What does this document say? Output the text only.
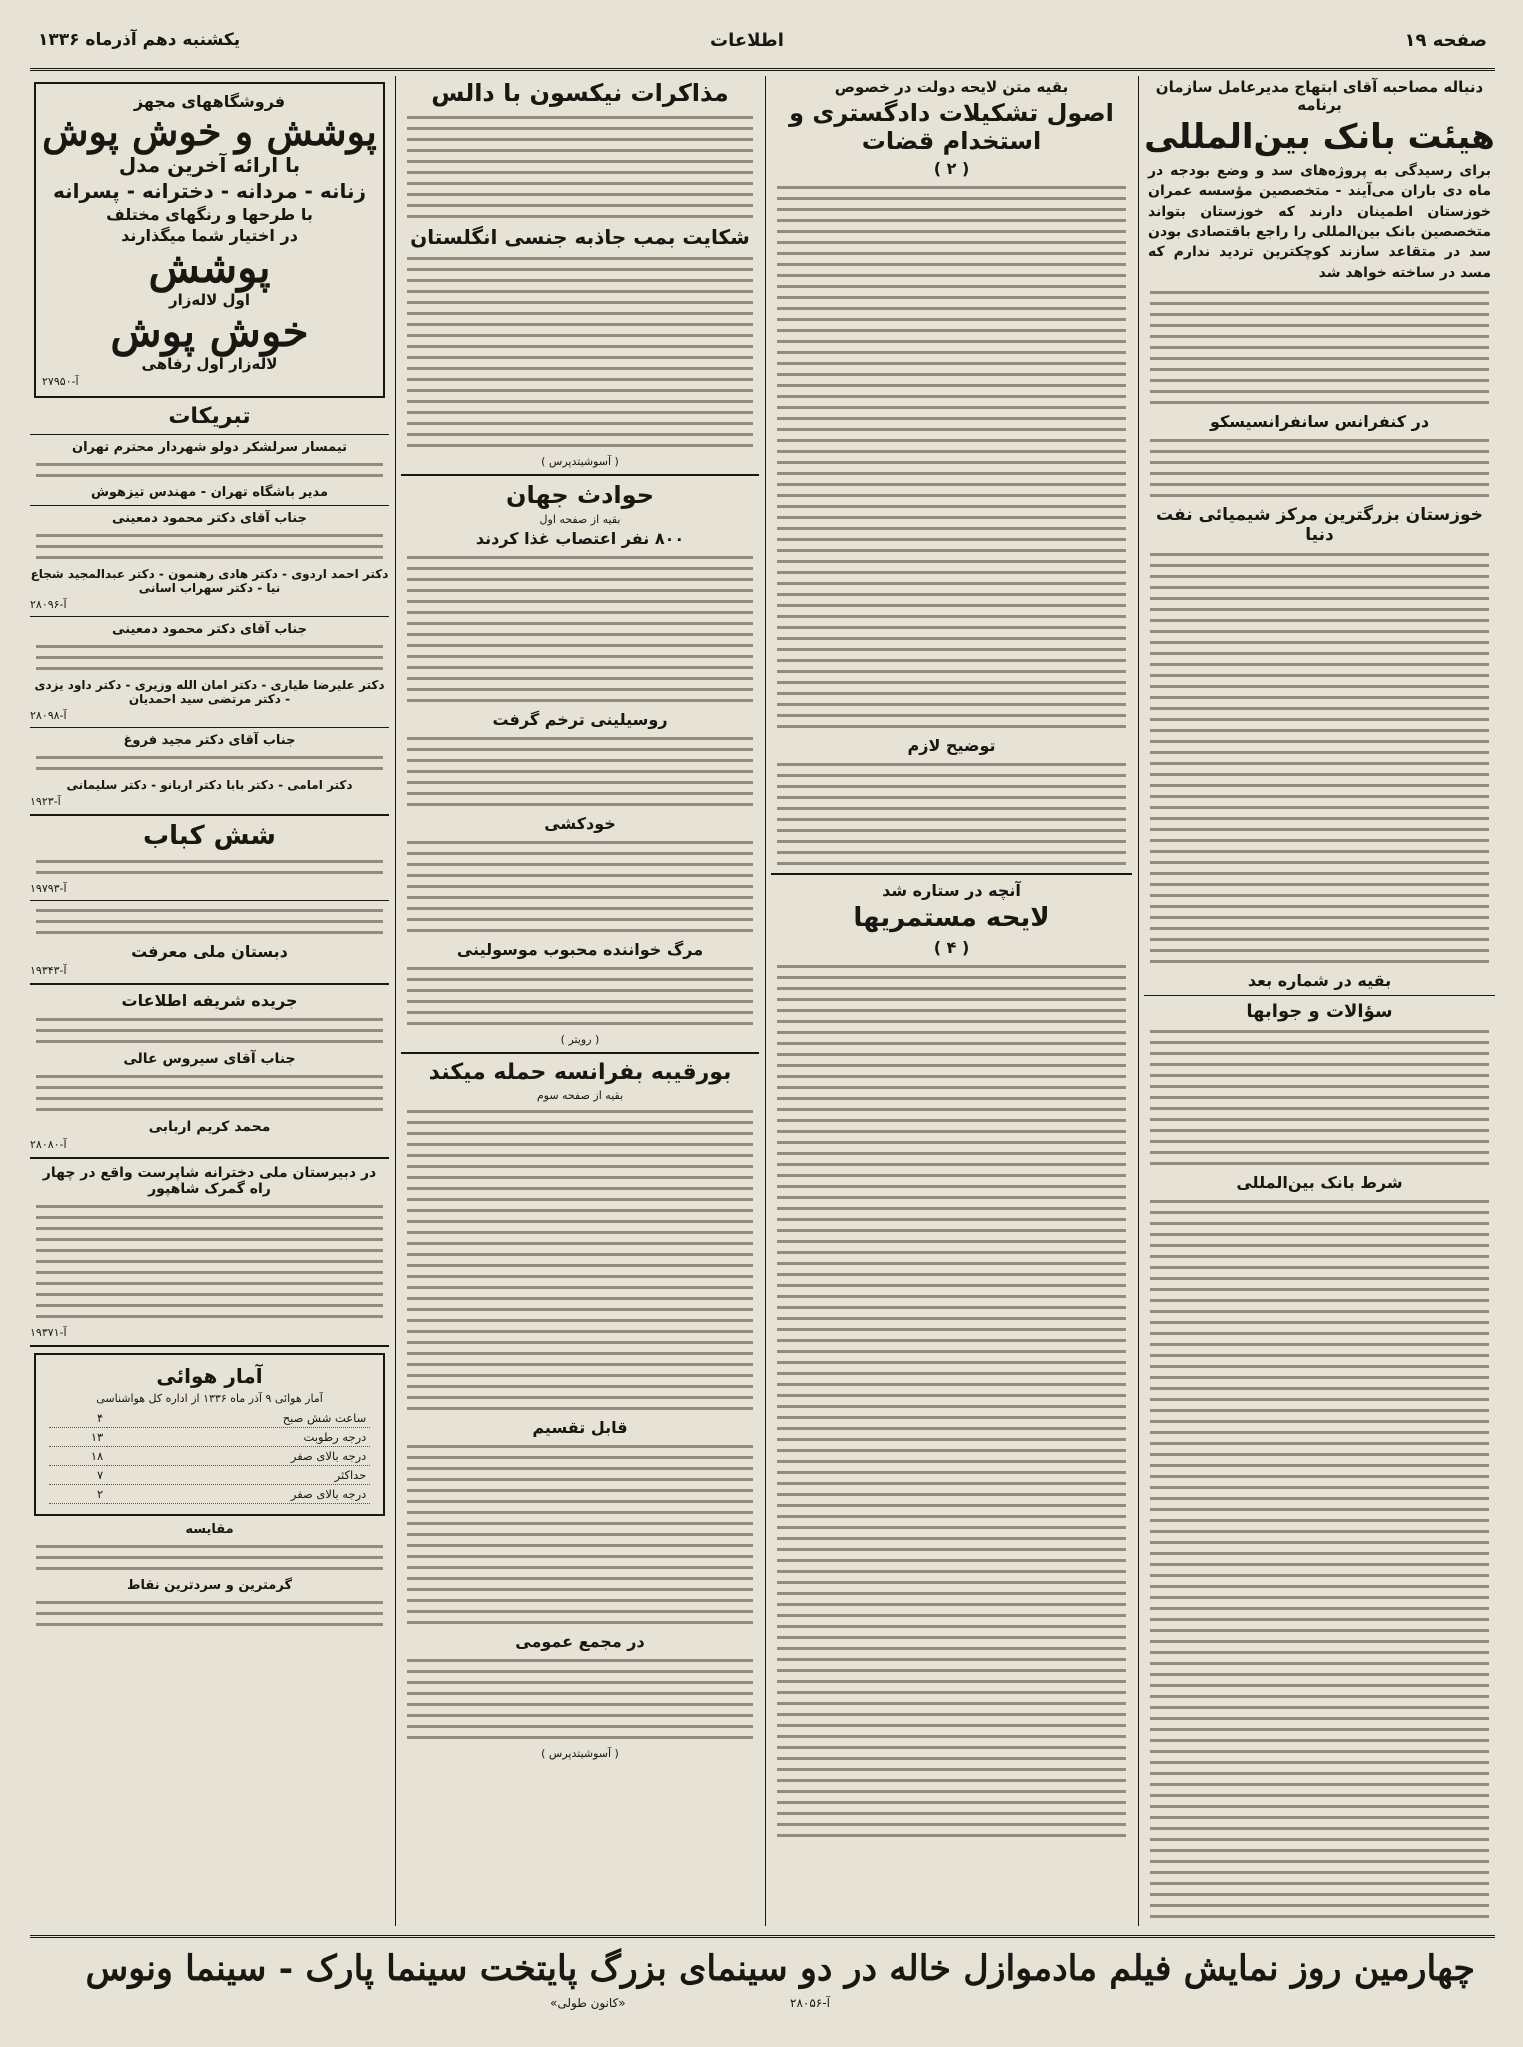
صفحه ۱۹
اطلاعات
یکشنبه دهم آذرماه ۱۳۳۶
دنباله مصاحبه آقای ابتهاج مدیرعامل سازمان برنامه
هیئت بانک بین‌المللی
برای رسیدگی به پروژه‌های سد و وضع بودجه در ماه دی باران می‌آیند - متخصصین مؤسسه عمران خوزستان اطمینان دارند که خوزستان بتواند متخصصین بانک بین‌المللی را راجع باقتصادی بودن سد در متقاعد سازند کوچکترین تردید ندارم که مسد در ساخته خواهد شد
در کنفرانس سانفرانسیسکو
خوزستان بزرگترین مرکز شیمیائی نفت دنیا
بقیه در شماره بعد
سؤالات و جوابها
شرط بانک بین‌المللی
بقیه متن لایحه دولت در خصوص
اصول تشکیلات دادگستری و استخدام قضات
( ۲ )
توضیح لازم
آنچه در ستاره شد
لایحه مستمریها
( ۴ )
مذاکرات نیکسون با دالس
شکایت بمب جاذبه جنسی انگلستان
( آسوشیتدپرس )
حوادث جهان
بقیه از صفحه اول
۸۰۰ نفر اعتصاب غذا کردند
روسیلینی ترخم گرفت
خودکشی
مرگ خواننده محبوب موسولینی
( رویتر )
بورقیبه بفرانسه حمله میکند
بقیه از صفحه سوم
قابل تقسیم
در مجمع عمومی
( آسوشیتدپرس )
فروشگاههای مجهز
پوشش و خوش پوش
با ارائه آخرین مدل
زنانه - مردانه - دخترانه - پسرانه
با طرحها و رنگهای مختلف
در اختیار شما میگذارند
پوشش
اول لاله‌زار
خوش پوش
لاله‌زار اول رفاهی
آ-۲۷۹۵۰
تبریکات
تیمسار سرلشکر دولو شهردار محترم تهران
مدیر باشگاه تهران - مهندس تیزهوش
جناب آقای دکتر محمود دمعینی
دکتر احمد اردوی - دکتر هادی رهنمون - دکتر عبدالمجید شجاع نیا - دکتر سهراب اسانی
آ-۲۸۰۹۶
جناب آقای دکتر محمود دمعینی
دکتر علیرضا طیاری - دکتر امان الله وزیری - دکتر داود یزدی - دکتر مرتضی سید احمدیان
آ-۲۸۰۹۸
جناب آقای دکتر مجید فروغ
دکتر امامی - دکتر بابا دکتر اربانو - دکتر سلیمانی
آ-۱۹۲۳
شش کباب
آ-۱۹۷۹۳
دبستان ملی معرفت
آ-۱۹۳۴۳
جریده شریفه اطلاعات
جناب آقای سیروس عالی
محمد کریم اربابی
آ-۲۸۰۸۰
در دبیرستان ملی دخترانه شاپرست واقع در چهار راه گمرک شاهپور
آ-۱۹۳۷۱
آمار هوائی
آمار هوائی ۹ آذر ماه ۱۳۳۶ از اداره کل هواشناسی
ساعت شش صبح	۴
درجه رطوبت	۱۳
درجه بالای صفر	۱۸
حداکثر	۷
درجه بالای صفر	۲
مقایسه
گرمترین و سردترین نقاط
چهارمین روز نمایش فیلم مادموازل خاله در دو سینمای بزرگ پایتخت سینما پارک - سینما ونوس
«کانون طولی»	آ-۲۸۰۵۶
